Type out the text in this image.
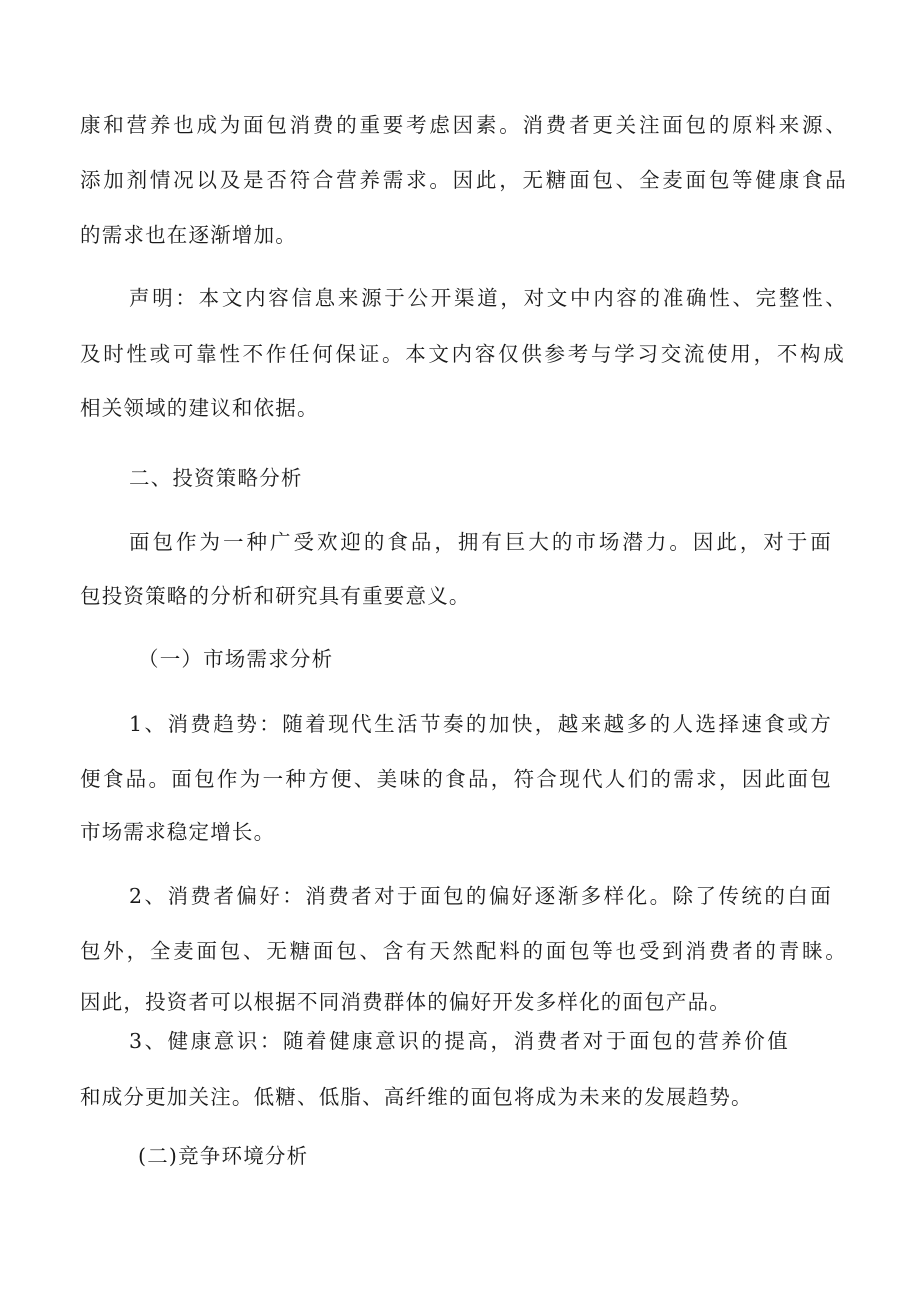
康和营养也成为面包消费的重要考虑因素。消费者更关注面包的原料来源、
添加剂情况以及是否符合营养需求。因此，无糖面包、全麦面包等健康食品
的需求也在逐渐增加。
声明：本文内容信息来源于公开渠道，对文中内容的准确性、完整性、
及时性或可靠性不作任何保证。本文内容仅供参考与学习交流使用，不构成
相关领域的建议和依据。
二、投资策略分析
面包作为一种广受欢迎的食品，拥有巨大的市场潜力。因此，对于面
包投资策略的分析和研究具有重要意义。
（一）市场需求分析
1、消费趋势：随着现代生活节奏的加快，越来越多的人选择速食或方
便食品。面包作为一种方便、美味的食品，符合现代人们的需求，因此面包
市场需求稳定增长。
2、消费者偏好：消费者对于面包的偏好逐渐多样化。除了传统的白面
包外，全麦面包、无糖面包、含有天然配料的面包等也受到消费者的青睐。
因此，投资者可以根据不同消费群体的偏好开发多样化的面包产品。
3、健康意识：随着健康意识的提高，消费者对于面包的营养价值
和成分更加关注。低糖、低脂、高纤维的面包将成为未来的发展趋势。
(二)竞争环境分析
